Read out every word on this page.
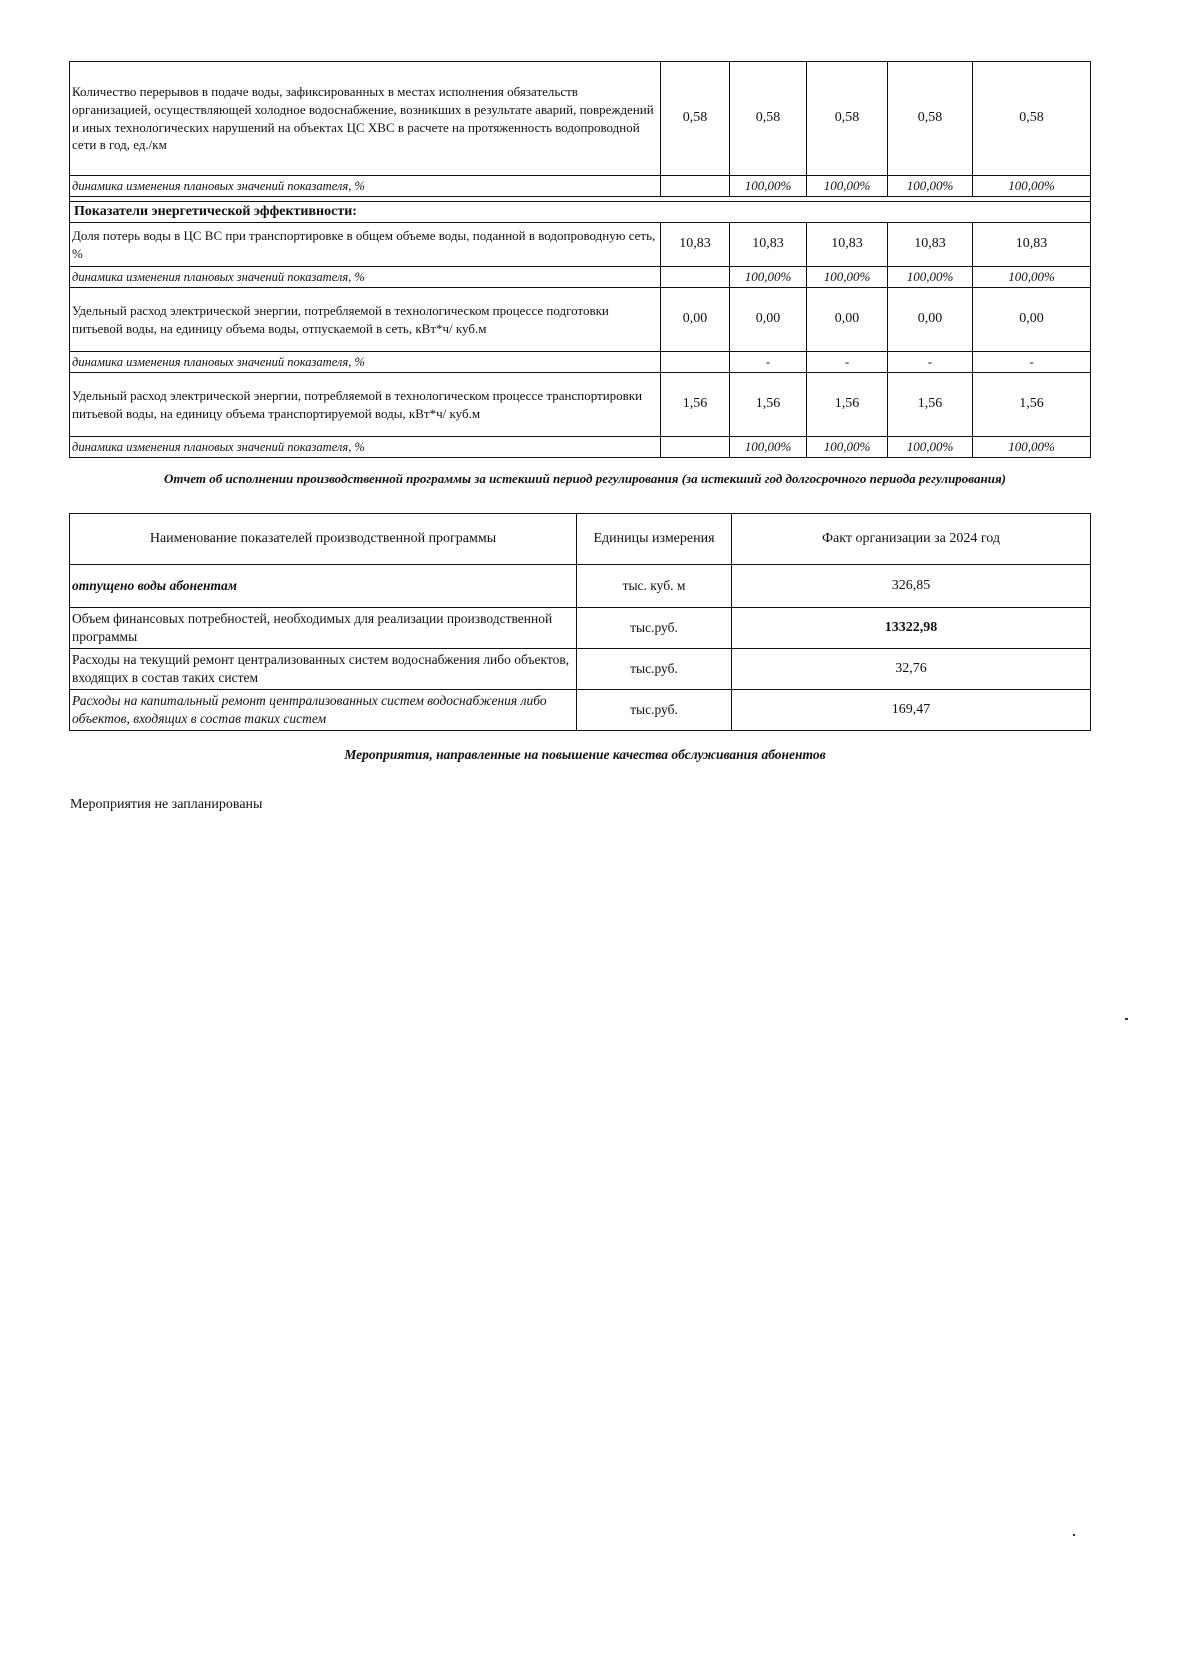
Количество перерывов в подаче воды, зафиксированных в местах исполнения обязательств организацией, осуществляющей холодное водоснабжение, возникших в результате аварий, повреждений и иных технологических нарушений на объектах ЦС ХВС в расчете на протяженность водопроводной сети в год, ед./км	0,58	0,58	0,58	0,58	0,58
динамика изменения плановых значений показателя, %		100,00%	100,00%	100,00%	100,00%

Показатели энергетической эффективности:					
Доля потерь воды в ЦС ВС при транспортировке в общем объеме воды, поданной в водопроводную сеть, %	10,83	10,83	10,83	10,83	10,83
динамика изменения плановых значений показателя, %		100,00%	100,00%	100,00%	100,00%
Удельный расход электрической энергии, потребляемой в технологическом процессе подготовки питьевой воды, на единицу объема воды, отпускаемой в сеть, кВт*ч/ куб.м	0,00	0,00	0,00	0,00	0,00
динамика изменения плановых значений показателя, %		-	-	-	-
Удельный расход электрической энергии, потребляемой в технологическом процессе транспортировки питьевой воды, на единицу объема транспортируемой воды, кВт*ч/ куб.м	1,56	1,56	1,56	1,56	1,56
динамика изменения плановых значений показателя, %		100,00%	100,00%	100,00%	100,00%
Отчет об исполнении производственной программы за истекший период регулирования (за истекший год долгосрочного периода регулирования)
Наименование показателей производственной программы	Единицы измерения	Факт организации за 2024 год
отпущено воды абонентам	тыс. куб. м	326,85
Объем финансовых потребностей, необходимых для реализации производственной программы	тыс.руб.	13322,98
Расходы на текущий ремонт централизованных систем водоснабжения либо объектов, входящих в состав таких систем	тыс.руб.	32,76
Расходы на капитальный ремонт централизованных систем водоснабжения либо объектов, входящих в состав таких систем	тыс.руб.	169,47
Мероприятия, направленные на повышение качества обслуживания абонентов
Мероприятия не запланированы
